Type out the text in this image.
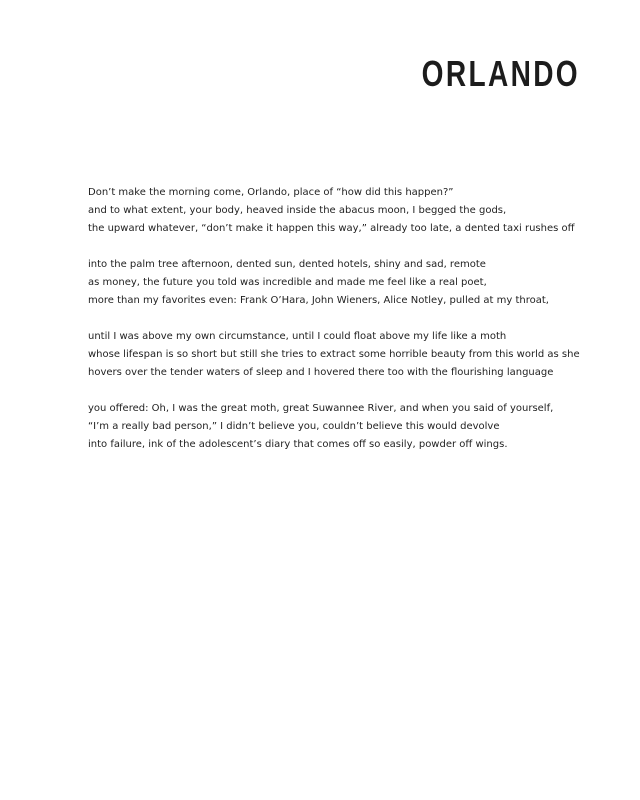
ORLANDO

Don’t make the morning come, Orlando, place of “how did this happen?”
and to what extent, your body, heaved inside the abacus moon, I begged the gods,
the upward whatever, “don’t make it happen this way,” already too late, a dented taxi rushes off

into the palm tree afternoon, dented sun, dented hotels, shiny and sad, remote
as money, the future you told was incredible and made me feel like a real poet,
more than my favorites even: Frank O’Hara, John Wieners, Alice Notley, pulled at my throat,

until I was above my own circumstance, until I could float above my life like a moth
whose lifespan is so short but still she tries to extract some horrible beauty from this world as she
hovers over the tender waters of sleep and I hovered there too with the flourishing language

you offered: Oh, I was the great moth, great Suwannee River, and when you said of yourself,
“I’m a really bad person,” I didn’t believe you, couldn’t believe this would devolve
into failure, ink of the adolescent’s diary that comes off so easily, powder off wings.
